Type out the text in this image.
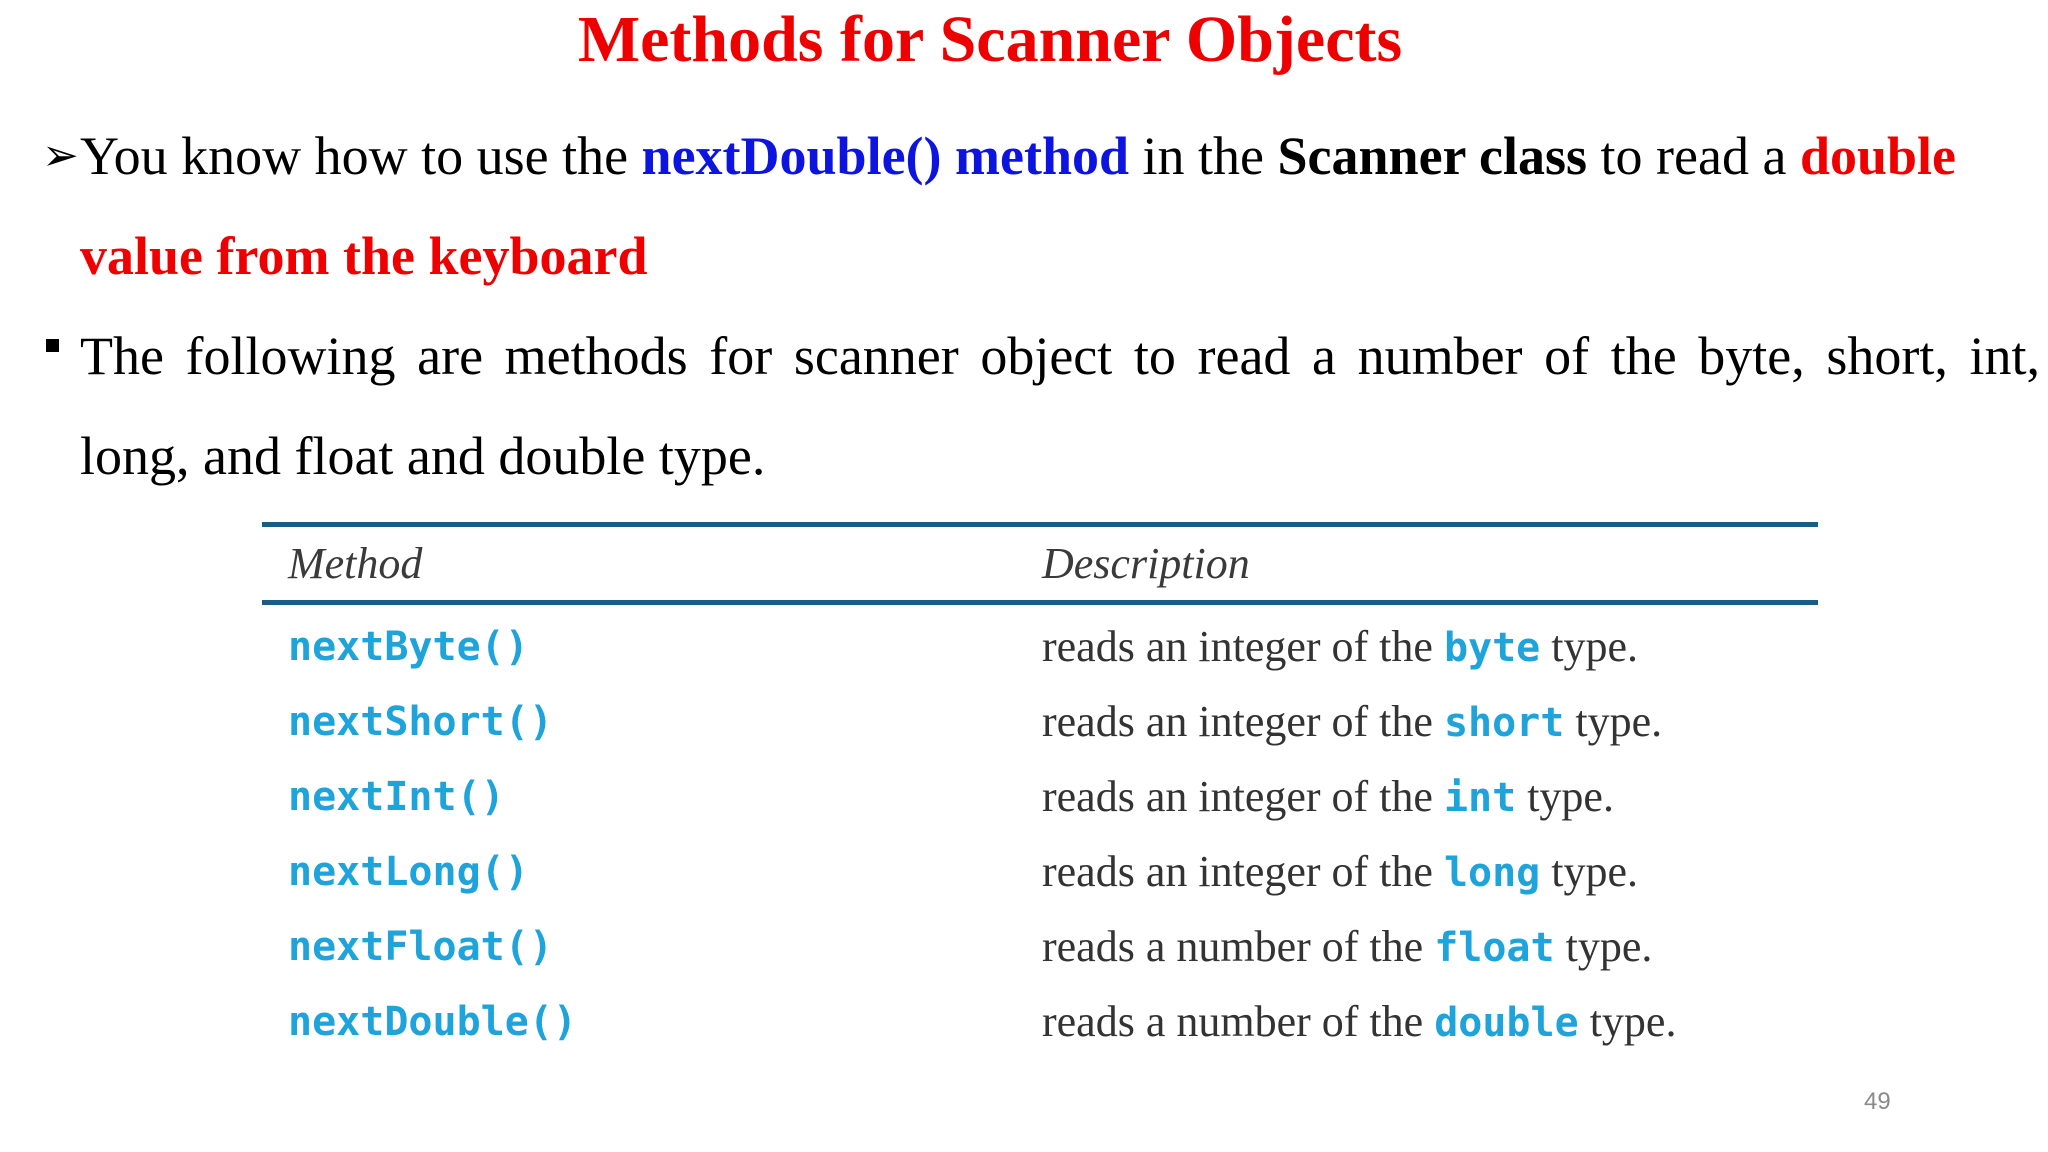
Methods for Scanner Objects
➢ You know how to use the nextDouble() method in the Scanner class to read a double value from the keyboard
The following are methods for scanner object to read a number of the byte, short, int, long, and float and double type.
Method	Description
nextByte()	reads an integer of the byte type.
nextShort()	reads an integer of the short type.
nextInt()	reads an integer of the int type.
nextLong()	reads an integer of the long type.
nextFloat()	reads a number of the float type.
nextDouble()	reads a number of the double type.
49
